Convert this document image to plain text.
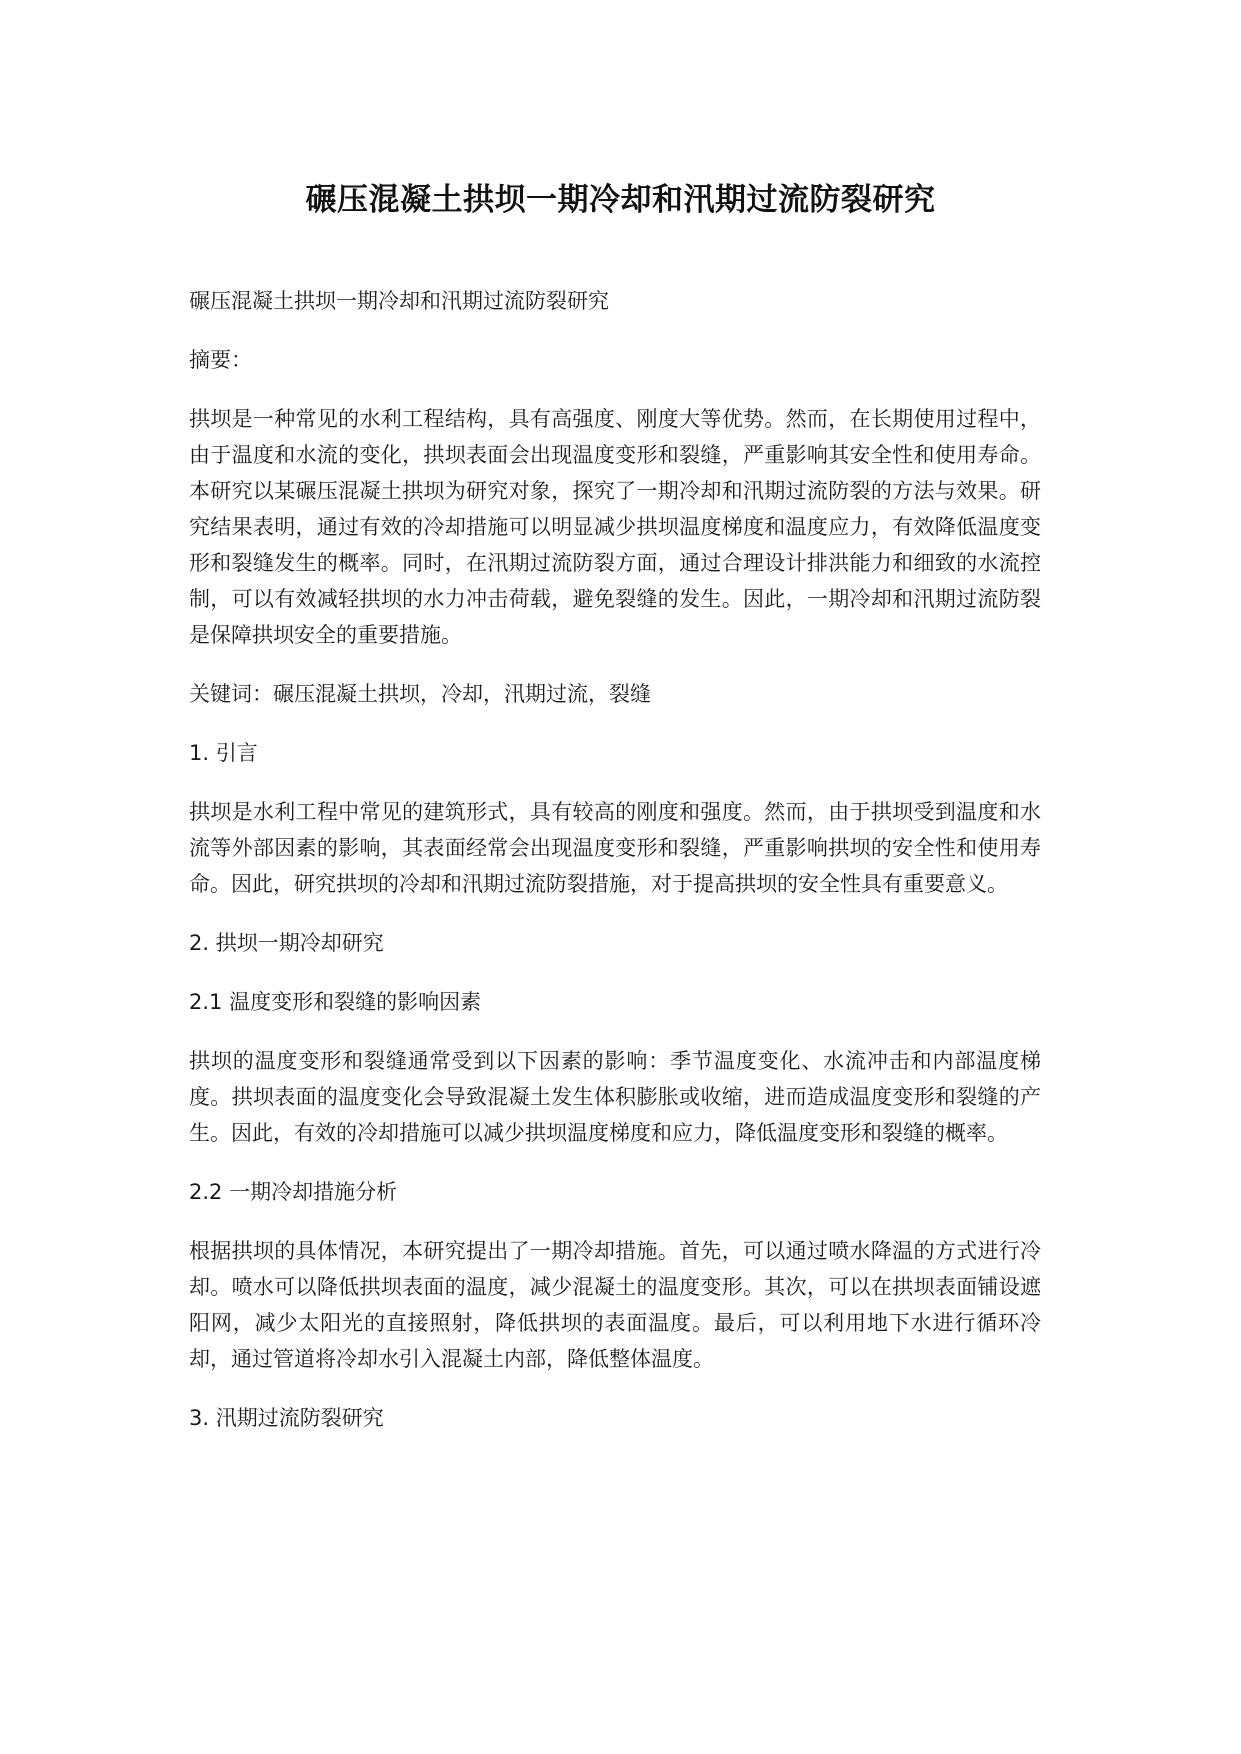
碾压混凝土拱坝一期冷却和汛期过流防裂研究

碾压混凝土拱坝一期冷却和汛期过流防裂研究

摘要：

拱坝是一种常见的水利工程结构，具有高强度、刚度大等优势。然而，在长期使用过程中，由于温度和水流的变化，拱坝表面会出现温度变形和裂缝，严重影响其安全性和使用寿命。本研究以某碾压混凝土拱坝为研究对象，探究了一期冷却和汛期过流防裂的方法与效果。研究结果表明，通过有效的冷却措施可以明显减少拱坝温度梯度和温度应力，有效降低温度变形和裂缝发生的概率。同时，在汛期过流防裂方面，通过合理设计排洪能力和细致的水流控制，可以有效减轻拱坝的水力冲击荷载，避免裂缝的发生。因此，一期冷却和汛期过流防裂是保障拱坝安全的重要措施。

关键词：碾压混凝土拱坝，冷却，汛期过流，裂缝

1. 引言

拱坝是水利工程中常见的建筑形式，具有较高的刚度和强度。然而，由于拱坝受到温度和水流等外部因素的影响，其表面经常会出现温度变形和裂缝，严重影响拱坝的安全性和使用寿命。因此，研究拱坝的冷却和汛期过流防裂措施，对于提高拱坝的安全性具有重要意义。

2. 拱坝一期冷却研究

2.1 温度变形和裂缝的影响因素

拱坝的温度变形和裂缝通常受到以下因素的影响：季节温度变化、水流冲击和内部温度梯度。拱坝表面的温度变化会导致混凝土发生体积膨胀或收缩，进而造成温度变形和裂缝的产生。因此，有效的冷却措施可以减少拱坝温度梯度和应力，降低温度变形和裂缝的概率。

2.2 一期冷却措施分析

根据拱坝的具体情况，本研究提出了一期冷却措施。首先，可以通过喷水降温的方式进行冷却。喷水可以降低拱坝表面的温度，减少混凝土的温度变形。其次，可以在拱坝表面铺设遮阳网，减少太阳光的直接照射，降低拱坝的表面温度。最后，可以利用地下水进行循环冷却，通过管道将冷却水引入混凝土内部，降低整体温度。

3. 汛期过流防裂研究
